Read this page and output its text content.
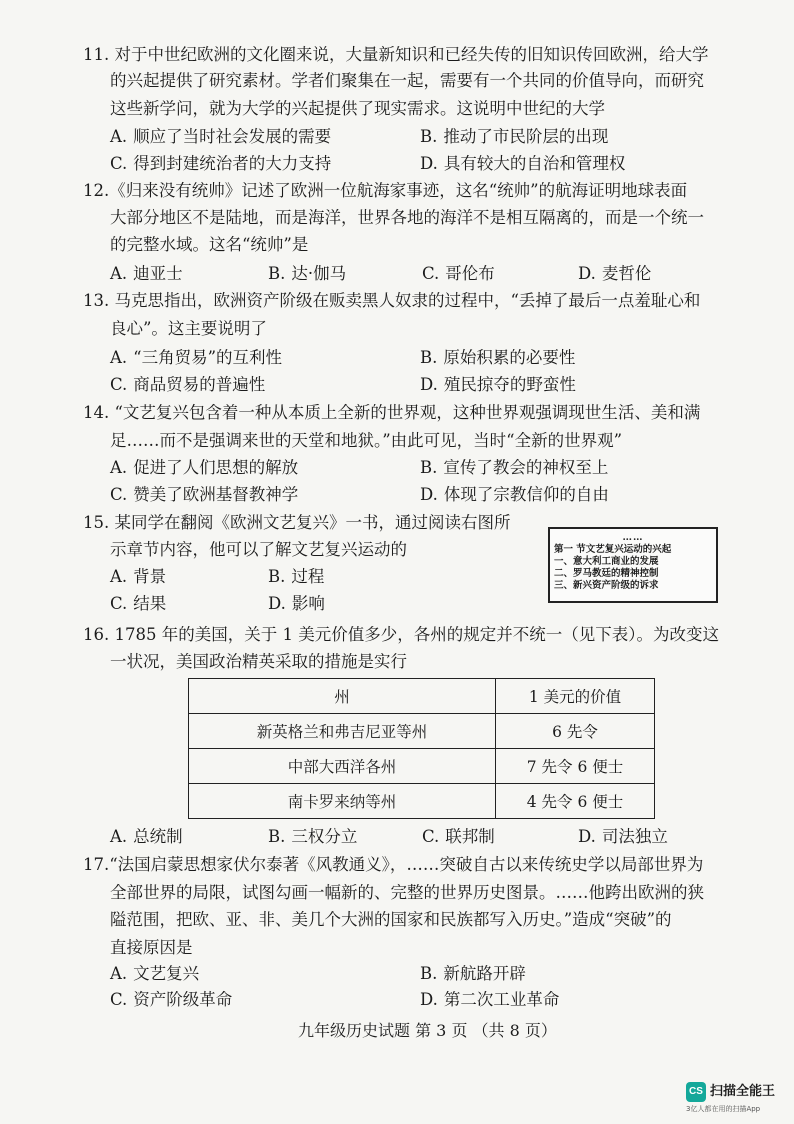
11. 对于中世纪欧洲的文化圈来说，大量新知识和已经失传的旧知识传回欧洲，给大学
的兴起提供了研究素材。学者们聚集在一起，需要有一个共同的价值导向，而研究
这些新学问，就为大学的兴起提供了现实需求。这说明中世纪的大学
A. 顺应了当时社会发展的需要	B. 推动了市民阶层的出现
C. 得到封建统治者的大力支持	D. 具有较大的自治和管理权
12.《归来没有统帅》记述了欧洲一位航海家事迹，这名“统帅”的航海证明地球表面
大部分地区不是陆地，而是海洋，世界各地的海洋不是相互隔离的，而是一个统一
的完整水域。这名“统帅”是
A. 迪亚士	B. 达·伽马	C. 哥伦布	D. 麦哲伦
13. 马克思指出，欧洲资产阶级在贩卖黑人奴隶的过程中，“丢掉了最后一点羞耻心和
良心”。这主要说明了
A. “三角贸易”的互利性	B. 原始积累的必要性
C. 商品贸易的普遍性	D. 殖民掠夺的野蛮性
14. “文艺复兴包含着一种从本质上全新的世界观，这种世界观强调现世生活、美和满
足……而不是强调来世的天堂和地狱。”由此可见，当时“全新的世界观”
A. 促进了人们思想的解放	B. 宣传了教会的神权至上
C. 赞美了欧洲基督教神学	D. 体现了宗教信仰的自由
15. 某同学在翻阅《欧洲文艺复兴》一书，通过阅读右图所
示章节内容，他可以了解文艺复兴运动的
A. 背景	B. 过程
C. 结果	D. 影响
……
第一 节文艺复兴运动的兴起
一、意大利工商业的发展
二、罗马教廷的精神控制
三、新兴资产阶级的诉求
16. 1785 年的美国，关于 1 美元价值多少，各州的规定并不统一（见下表）。为改变这
一状况，美国政治精英采取的措施是实行
州	1 美元的价值
新英格兰和弗吉尼亚等州	6 先令
中部大西洋各州	7 先令 6 便士
南卡罗来纳等州	4 先令 6 便士
A. 总统制	B. 三权分立	C. 联邦制	D. 司法独立
17.“法国启蒙思想家伏尔泰著《风教通义》，……突破自古以来传统史学以局部世界为
全部世界的局限，试图勾画一幅新的、完整的世界历史图景。……他跨出欧洲的狭
隘范围，把欧、亚、非、美几个大洲的国家和民族都写入历史。”造成“突破”的
直接原因是
A. 文艺复兴	B. 新航路开辟
C. 资产阶级革命	D. 第二次工业革命
九年级历史试题 第 3 页 （共 8 页）
CS 扫描全能王
3亿人都在用的扫描App
